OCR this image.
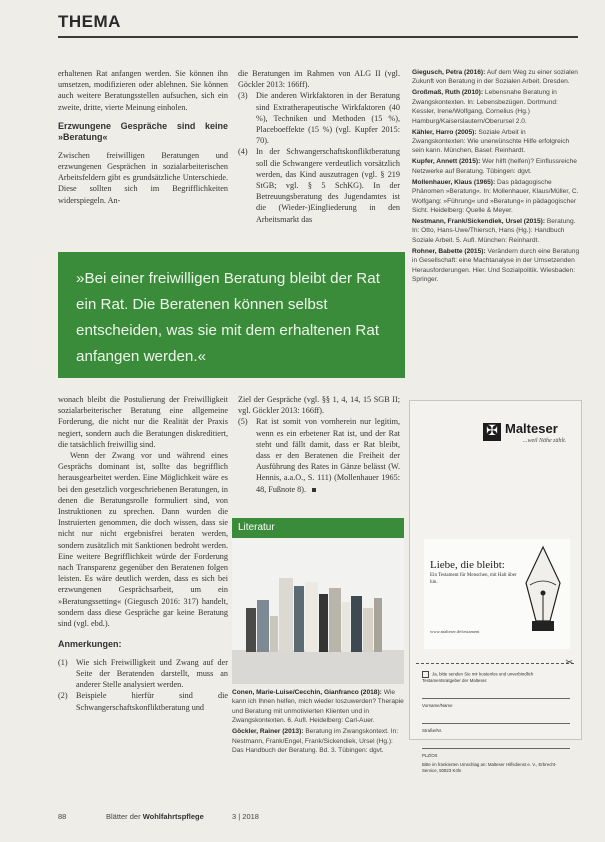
THEMA

erhaltenen Rat anfangen werden. Sie können ihn umsetzen, modifizieren oder ablehnen. Sie können auch weitere Beratungsstellen aufsuchen, sich ein zweite, dritte, vierte Meinung einholen.

Erzwungene Gespräche sind keine »Beratung«

Zwischen freiwilligen Beratungen und erzwungenen Gesprächen in sozialarbeiterischen Arbeitsfeldern gibt es grundsätzliche Unterschiede. Diese sollten sich im Begrifflichkeiten widerspiegeln. An-

die Beratungen im Rahmen von ALG II (vgl. Göckler 2013: 166ff).

(3)	Die anderen Wirkfaktoren in der Beratung sind Extratherapeutische Wirkfaktoren (40 %), Techniken und Methoden (15 %), Placeboeffekte (15 %) (vgl. Kupfer 2015: 70).
(4)	In der Schwangerschaftskonfliktberatung soll die Schwangere verdeutlich vorsätzlich werden, das Kind auszutragen (vgl. § 219 StGB; vgl. § 5 SchKG). In der Betreuungsberatung des Jugendamtes ist die (Wieder-)Eingliederung in den Arbeitsmarkt das

Giegusch, Petra (2016): Auf dem Weg zu einer sozialen Zukunft von Beratung in der Sozialen Arbeit. Dresden.

Großmaß, Ruth (2010): Lebensnahe Beratung in Zwangskontexten. In: Lebensbezügen. Dortmund: Kessler, Irene/Wolfgang, Cornelius (Hg.) Hamburg/Kaiserslautern/Oberursel 2.0.

Kähler, Harro (2005): Soziale Arbeit in Zwangskontexten: Wie unerwünschte Hilfe erfolgreich sein kann. München, Basel: Reinhardt.

Kupfer, Annett (2015): Wer hilft (helfen)? Einflussreiche Netzwerke auf Beratung. Tübingen: dgvt.

Mollenhauer, Klaus (1965): Das pädagogische Phänomen »Beratung«. In: Mollenhauer, Klaus/Müller, C. Wolfgang: »Führung« und »Beratung« in pädagogischer Sicht. Heidelberg: Quelle & Meyer.

Nestmann, Frank/Sickendiek, Ursel (2015): Beratung. In: Otto, Hans-Uwe/Thiersch, Hans (Hg.): Handbuch Soziale Arbeit. 5. Aufl. München: Reinhardt.

Rohner, Babette (2015): Verändern durch eine Beratung in Gesellschaft: eine Machtanalyse in der Umsetzenden Herausforderungen. Hier. Und Sozialpolitik. Wiesbaden: Springer.

»Bei einer freiwilligen Beratung bleibt der Rat ein Rat. Die Beratenen können selbst entscheiden, was sie mit dem erhaltenen Rat anfangen werden.«

wonach bleibt die Postulierung der Freiwilligkeit sozialarbeiterischer Beratung eine allgemeine Forderung, die nicht nur die Realität der Praxis negiert, sondern auch die Beratungen diskreditiert, die tatsächlich freiwillig sind.

Wenn der Zwang vor und während eines Gesprächs dominant ist, sollte das begrifflich herausgearbeitet werden. Eine Möglichkeit wäre es bei den gesetzlich vorgeschriebenen Beratungen, in denen die Beratungsrolle formuliert sind, von Instruktionen zu sprechen. Dann wurden die Instruierten genommen, die doch wissen, dass sie nicht nur nicht ergebnisfrei beraten werden, sondern zusätzlich mit Sanktionen bedroht werden. Eine weitere Begrifflichkeit würde der Forderung nach Transparenz gegenüber den Beratenen folgen leisten. Es wäre deutlich werden, dass es sich bei erzwungenen Gesprächsarbeit, um ein »Beratungssetting« (Giegusch 2016: 317) handelt, sondern dass diese Gespräche gar keine Beratung sind (vgl. ebd.).

Anmerkungen:
(1)	Wie sich Freiwilligkeit und Zwang auf der Seite der Beratenden darstellt, muss an anderer Stelle analysiert werden.
(2)	Beispiele hierfür sind die Schwangerschaftskonfliktberatung und

Ziel der Gespräche (vgl. §§ 1, 4, 14, 15 SGB II; vgl. Göckler 2013: 166ff).

(5)	Rat ist somit von vornherein nur legitim, wenn es ein erbetener Rat ist, und der Rat steht und fällt damit, dass er Rat bleibt, dass er den Beratenen die Freiheit der Ausführung des Rates in Gänze belässt (W. Hennis, a.a.O., S. 111) (Mollenhauer 1965: 48, Fußnote 8).
Literatur

Conen, Marie-Luise/Cecchin, Gianfranco (2018): Wie kann ich Ihnen helfen, mich wieder loszuwerden? Therapie und Beratung mit unmotivierten Klienten und in Zwangskontexten. 6. Aufl. Heidelberg: Carl-Auer.

Göckler, Rainer (2013): Beratung im Zwangskontext. In: Nestmann, Frank/Engel, Frank/Sickendiek, Ursel (Hg.): Das Handbuch der Beratung. Bd. 3. Tübingen: dgvt.

✠ Malteser
...weil Nähe zählt.
Liebe, die bleibt:
Ein Testament für Menschen, mit Halt über hin.
www.malteser.de/testament
✂
Ja, bitte senden Sie mir kostenlos und unverbindlich Testamentsratgeber der Malteser.
Vorname/Name
Straße/Nr.
PLZ/Ort
Bitte im frankierten Umschlag an: Malteser Hilfsdienst e. V., Erbrecht-Service, 50823 Köln
88	Blätter der Wohlfahrtspflege	3 | 2018
